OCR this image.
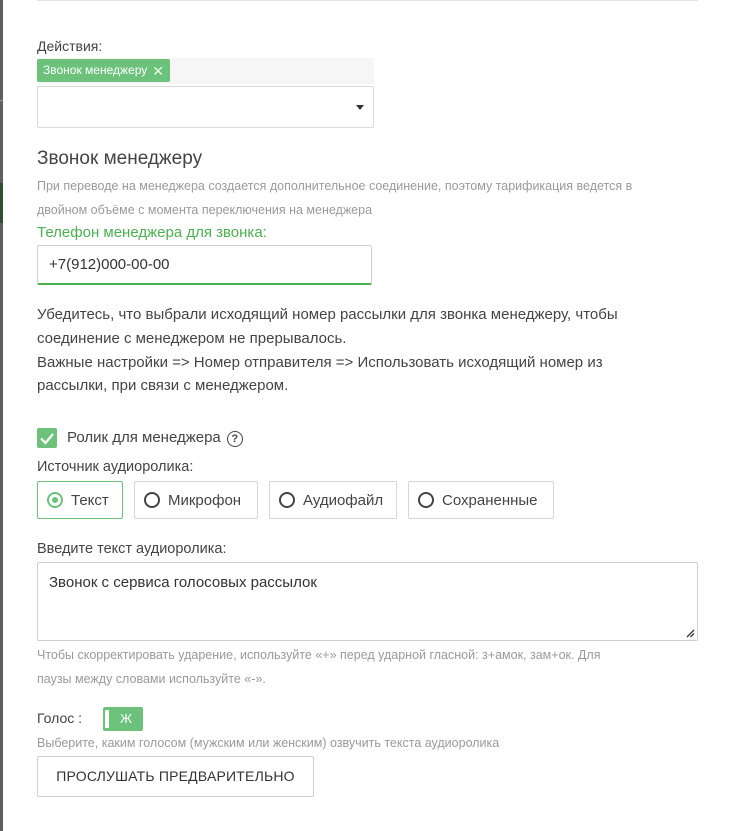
Действия:
Звонок менеджеру ✕
Звонок менеджеру
При переводе на менеджера создается дополнительное соединение, поэтому тарификация ведется в
двойном объёме с момента переключения на менеджера
Телефон менеджера для звонка:
+7(912)000-00-00
Убедитесь, что выбрали исходящий номер рассылки для звонка менеджеру, чтобы
соединение с менеджером не прерывалось.
Важные настройки => Номер отправителя => Использовать исходящий номер из
рассылки, при связи с менеджером.
Ролик для менеджера ?
Источник аудиоролика:
Текст	Микрофон	Аудиофайл	Сохраненные
Введите текст аудиоролика:
Звонок с сервиса голосовых рассылок
Чтобы скорректировать ударение, используйте «+» перед ударной гласной: з+амок, зам+ок. Для
паузы между словами используйте «-».
Голос :	Ж
Выберите, каким голосом (мужским или женским) озвучить текста аудиоролика
ПРОСЛУШАТЬ ПРЕДВАРИТЕЛЬНО
